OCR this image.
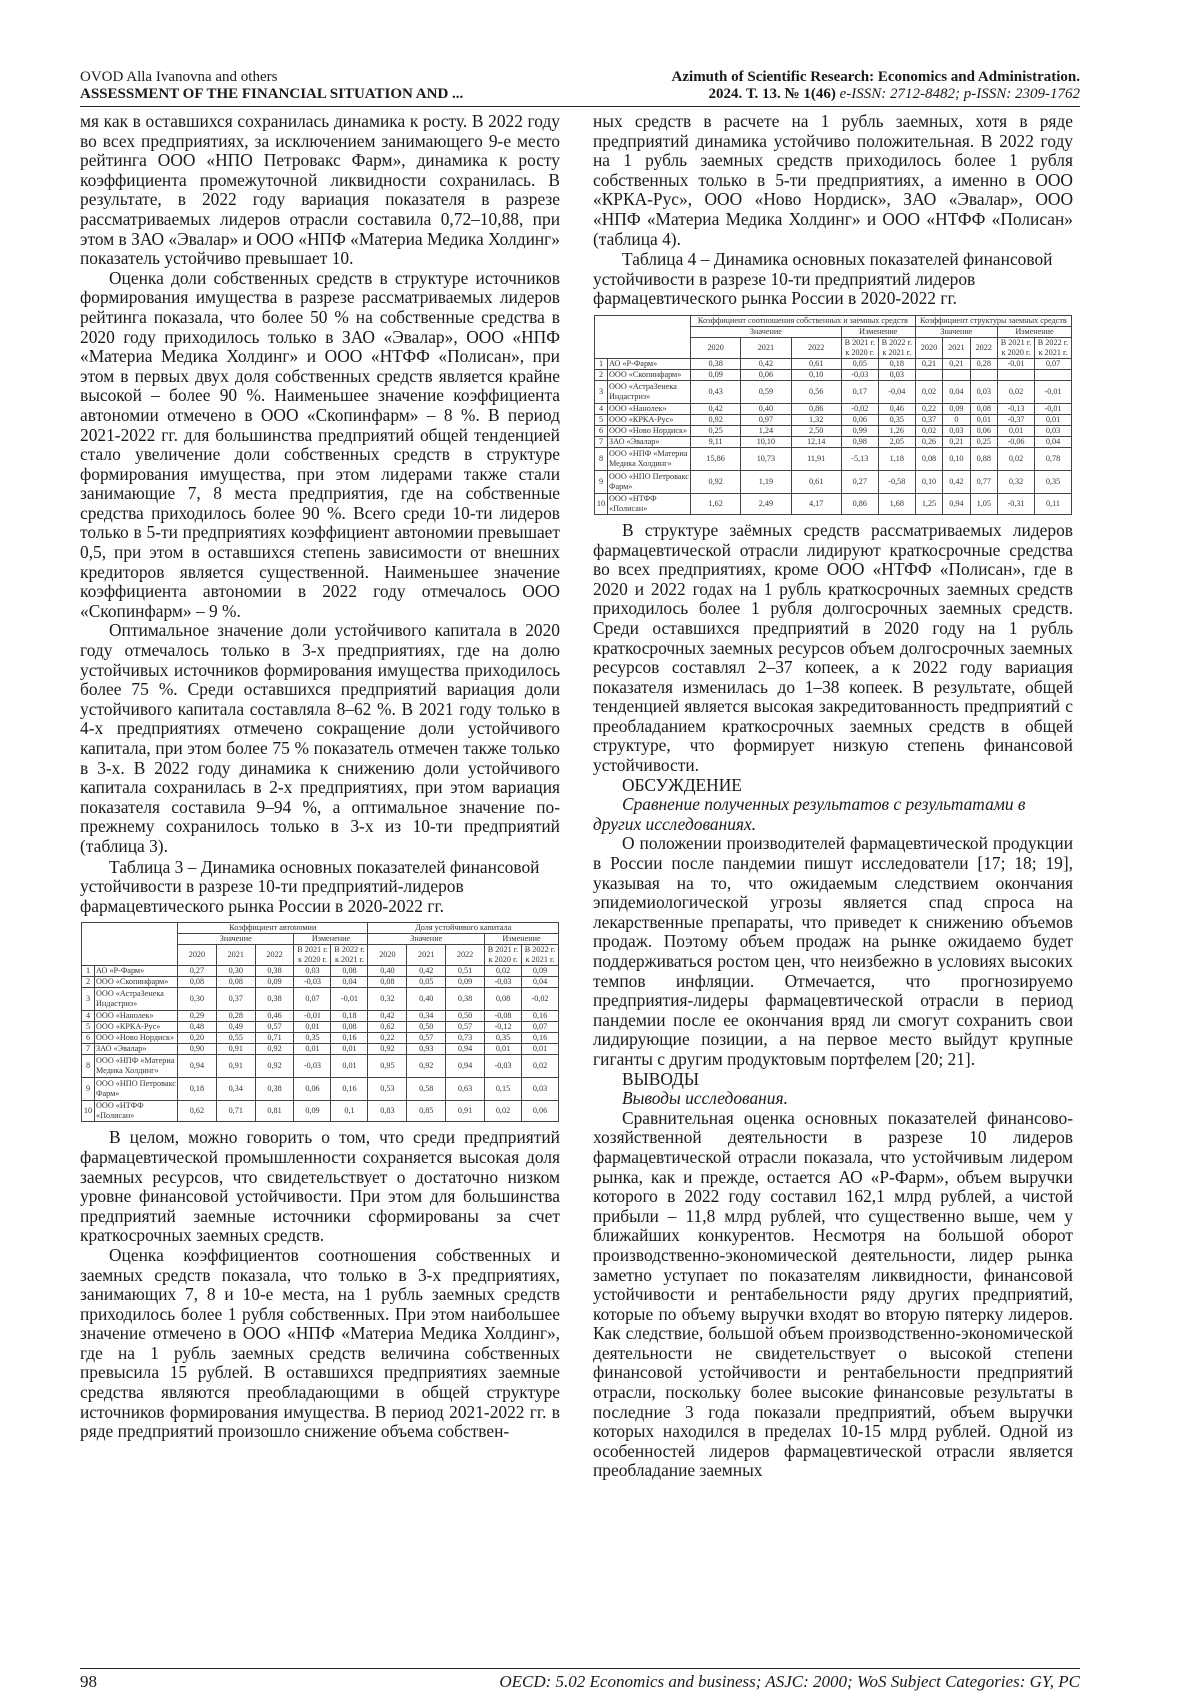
OVOD Alla Ivanovna and others
ASSESSMENT OF THE FINANCIAL SITUATION AND ...
Azimuth of Scientific Research: Economics and Administration.
2024. Т. 13. № 1(46) e-ISSN: 2712-8482; p-ISSN: 2309-1762

мя как в оставшихся сохранилась динамика к росту. В 2022 году во всех предприятиях, за исключением занимающего 9-е место рейтинга ООО «НПО Петровакс Фарм», динамика к росту коэффициента промежуточной ликвидности сохранилась. В результате, в 2022 году вариация показателя в разрезе рассматриваемых лидеров отрасли составила 0,72–10,88, при этом в ЗАО «Эвалар» и ООО «НПФ «Материа Медика Холдинг» показатель устойчиво превышает 10.

Оценка доли собственных средств в структуре источников формирования имущества в разрезе рассматриваемых лидеров рейтинга показала, что более 50 % на собственные средства в 2020 году приходилось только в ЗАО «Эвалар», ООО «НПФ «Материа Медика Холдинг» и ООО «НТФФ «Полисан», при этом в первых двух доля собственных средств является крайне высокой – более 90 %. Наименьшее значение коэффициента автономии отмечено в ООО «Скопинфарм» – 8 %. В период 2021-2022 гг. для большинства предприятий общей тенденцией стало увеличение доли собственных средств в структуре формирования имущества, при этом лидерами также стали занимающие 7, 8 места предприятия, где на собственные средства приходилось более 90 %. Всего среди 10-ти лидеров только в 5-ти предприятиях коэффициент автономии превышает 0,5, при этом в оставшихся степень зависимости от внешних кредиторов является существенной. Наименьшее значение коэффициента автономии в 2022 году отмечалось ООО «Скопинфарм» – 9 %.

Оптимальное значение доли устойчивого капитала в 2020 году отмечалось только в 3-х предприятиях, где на долю устойчивых источников формирования имущества приходилось более 75 %. Среди оставшихся предприятий вариация доли устойчивого капитала составляла 8–62 %. В 2021 году только в 4-х предприятиях отмечено сокращение доли устойчивого капитала, при этом более 75 % показатель отмечен также только в 3-х. В 2022 году динамика к снижению доли устойчивого капитала сохранилась в 2-х предприятиях, при этом вариация показателя составила 9–94 %, а оптимальное значение по-прежнему сохранилось только в 3-х из 10-ти предприятий (таблица 3).

Таблица 3 – Динамика основных показателей финансовой устойчивости в разрезе 10-ти предприятий-лидеров фармацевтического рынка России в 2020-2022 гг.

		Коэффициент автономии					Доля устойчивого капитала				
		Значение			Изменение		Значение			Изменение	
		2020	2021	2022	В 2021 г. к 2020 г.	В 2022 г. к 2021 г.	2020	2021	2022	В 2021 г. к 2020 г.	В 2022 г. к 2021 г.
1	АО «Р-Фарм»	0,27	0,30	0,38	0,03	0,08	0,40	0,42	0,51	0,02	0,09
2	ООО «Скопинфарм»	0,08	0,08	0,09	-0,03	0,04	0,08	0,05	0,09	-0,03	0,04
3	ООО «АстраЗенека Индастриз»	0,30	0,37	0,38	0,07	-0,01	0,32	0,40	0,38	0,08	-0,02
4	ООО «Нанолек»	0,29	0,28	0,46	-0,01	0,18	0,42	0,34	0,50	-0,08	0,16
5	ООО «КРКА-Рус»	0,48	0,49	0,57	0,01	0,08	0,62	0,50	0,57	-0,12	0,07
6	ООО «Ново Нордиск»	0,20	0,55	0,71	0,35	0,16	0,22	0,57	0,73	0,35	0,16
7	ЗАО «Эвалар»	0,90	0,91	0,92	0,01	0,01	0,92	0,93	0,94	0,01	0,01
8	ООО «НПФ «Материа Медика Холдинг»	0,94	0,91	0,92	-0,03	0,01	0,95	0,92	0,94	-0,03	0,02
9	ООО «НПО Петровакс Фарм»	0,18	0,34	0,38	0,06	0,16	0,53	0,58	0,63	0,15	0,03
10	ООО «НТФФ «Полисан»	0,62	0,71	0,81	0,09	0,1	0,83	0,85	0,91	0,02	0,06

В целом, можно говорить о том, что среди предприятий фармацевтической промышленности сохраняется высокая доля заемных ресурсов, что свидетельствует о достаточно низком уровне финансовой устойчивости. При этом для большинства предприятий заемные источники сформированы за счет краткосрочных заемных средств.

Оценка коэффициентов соотношения собственных и заемных средств показала, что только в 3-х предприятиях, занимающих 7, 8 и 10-е места, на 1 рубль заемных средств приходилось более 1 рубля собственных. При этом наибольшее значение отмечено в ООО «НПФ «Материа Медика Холдинг», где на 1 рубль заемных средств величина собственных превысила 15 рублей. В оставшихся предприятиях заемные средства являются преобладающими в общей структуре источников формирования имущества. В период 2021-2022 гг. в ряде предприятий произошло снижение объема собствен-

ных средств в расчете на 1 рубль заемных, хотя в ряде предприятий динамика устойчиво положительная. В 2022 году на 1 рубль заемных средств приходилось более 1 рубля собственных только в 5-ти предприятиях, а именно в ООО «КРКА-Рус», ООО «Ново Нордиск», ЗАО «Эвалар», ООО «НПФ «Материа Медика Холдинг» и ООО «НТФФ «Полисан» (таблица 4).

Таблица 4 – Динамика основных показателей финансовой устойчивости в разрезе 10-ти предприятий лидеров фармацевтического рынка России в 2020-2022 гг.

		Коэффициент соотношения собственных и заемных средств					Коэффициент структуры заемных средств				
		Значение			Изменение		Значение			Изменение	
		2020	2021	2022	В 2021 г. к 2020 г.	В 2022 г. к 2021 г.	2020	2021	2022	В 2021 г. к 2020 г.	В 2022 г. к 2021 г.
1	АО «Р-Фарм»	0,38	0,42	0,61	0,05	0,18	0,21	0,21	0,28	-0,01	0,07
2	ООО «Скопинфарм»	0,09	0,06	0,10	-0,03	0,03					
3	ООО «АстраЗенека Индастриз»	0,43	0,59	0,56	0,17	-0,04	0,02	0,04	0,03	0,02	-0,01
4	ООО «Нанолек»	0,42	0,40	0,86	-0,02	0,46	0,22	0,09	0,08	-0,13	-0,01
5	ООО «КРКА-Рус»	0,92	0,97	1,32	0,06	0,35	0,37	0	0,01	-0,37	0,01
6	ООО «Ново Нордиск»	0,25	1,24	2,50	0,99	1,26	0,02	0,03	0,06	0,01	0,03
7	ЗАО «Эвалар»	9,11	10,10	12,14	0,98	2,05	0,26	0,21	0,25	-0,06	0,04
8	ООО «НПФ «Материа Медика Холдинг»	15,86	10,73	11,91	-5,13	1,18	0,08	0,10	0,88	0,02	0,78
9	ООО «НПО Петровакс Фарм»	0,92	1,19	0,61	0,27	-0,58	0,10	0,42	0,77	0,32	0,35
10	ООО «НТФФ «Полисан»	1,62	2,49	4,17	0,86	1,68	1,25	0,94	1,05	-0,31	0,11

В структуре заёмных средств рассматриваемых лидеров фармацевтической отрасли лидируют краткосрочные средства во всех предприятиях, кроме ООО «НТФФ «Полисан», где в 2020 и 2022 годах на 1 рубль краткосрочных заемных средств приходилось более 1 рубля долгосрочных заемных средств. Среди оставшихся предприятий в 2020 году на 1 рубль краткосрочных заемных ресурсов объем долгосрочных заемных ресурсов составлял 2–37 копеек, а к 2022 году вариация показателя изменилась до 1–38 копеек. В результате, общей тенденцией является высокая закредитованность предприятий с преобладанием краткосрочных заемных средств в общей структуре, что формирует низкую степень финансовой устойчивости.

ОБСУЖДЕНИЕ

Сравнение полученных результатов с результатами в других исследованиях.

О положении производителей фармацевтической продукции в России после пандемии пишут исследователи [17; 18; 19], указывая на то, что ожидаемым следствием окончания эпидемиологической угрозы является спад спроса на лекарственные препараты, что приведет к снижению объемов продаж. Поэтому объем продаж на рынке ожидаемо будет поддерживаться ростом цен, что неизбежно в условиях высоких темпов инфляции. Отмечается, что прогнозируемо предприятия-лидеры фармацевтической отрасли в период пандемии после ее окончания вряд ли смогут сохранить свои лидирующие позиции, а на первое место выйдут крупные гиганты с другим продуктовым портфелем [20; 21].

ВЫВОДЫ

Выводы исследования.

Сравнительная оценка основных показателей финансово-хозяйственной деятельности в разрезе 10 лидеров фармацевтической отрасли показала, что устойчивым лидером рынка, как и прежде, остается АО «Р-Фарм», объем выручки которого в 2022 году составил 162,1 млрд рублей, а чистой прибыли – 11,8 млрд рублей, что существенно выше, чем у ближайших конкурентов. Несмотря на большой оборот производственно-экономической деятельности, лидер рынка заметно уступает по показателям ликвидности, финансовой устойчивости и рентабельности ряду других предприятий, которые по объему выручки входят во вторую пятерку лидеров. Как следствие, большой объем производственно-экономической деятельности не свидетельствует о высокой степени финансовой устойчивости и рентабельности предприятий отрасли, поскольку более высокие финансовые результаты в последние 3 года показали предприятий, объем выручки которых находился в пределах 10-15 млрд рублей. Одной из особенностей лидеров фармацевтической отрасли является преобладание заемных

98	OECD: 5.02 Economics and business; ASJC: 2000; WoS Subject Categories: GY, PC
